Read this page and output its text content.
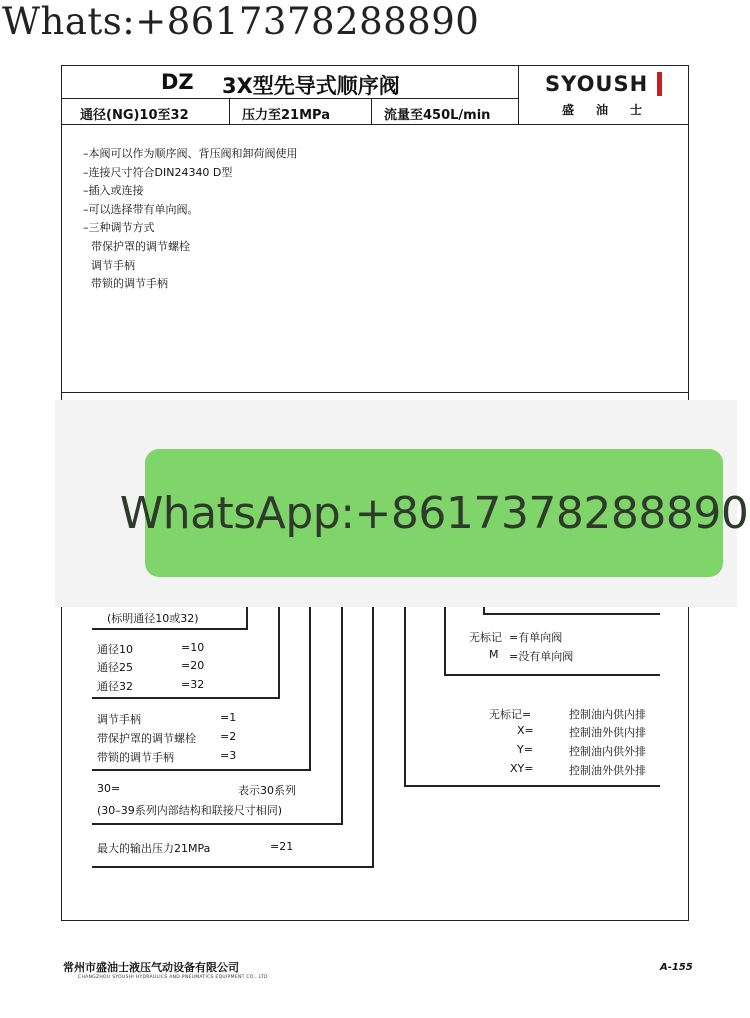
Whats:+8617378288890
DZ 3X型先导式顺序阀
通径(NG)10至32	压力至21MPa	流量至450L/min
SYOUSH
盛油士
–本阀可以作为顺序阀、背压阀和卸荷阀使用
–连接尺寸符合DIN24340 D型
–插入或连接
–可以选择带有单向阀。
–三种调节方式
带保护罩的调节螺栓
调节手柄
带锁的调节手柄
(标明通径10或32)
通径10	=10
通径25	=20
通径32	=32
调节手柄	=1
带保护罩的调节螺栓 =2
带锁的调节手柄	=3
30=	表示30系列
(30–39系列内部结构和联接尺寸相同)
最大的输出压力21MPa	=21
无标记 =有单向阀
M =没有单向阀
无标记=	控制油内供内排
X=	控制油外供内排
Y=	控制油内供外排
XY=	控制油外供外排
WhatsApp:+8617378288890
常州市盛油士液压气动设备有限公司
CHANGZHOU SYOUSHI HYDRAULICS AND PNEUMATICS EQUIPMENT CO., LTD
A-155
